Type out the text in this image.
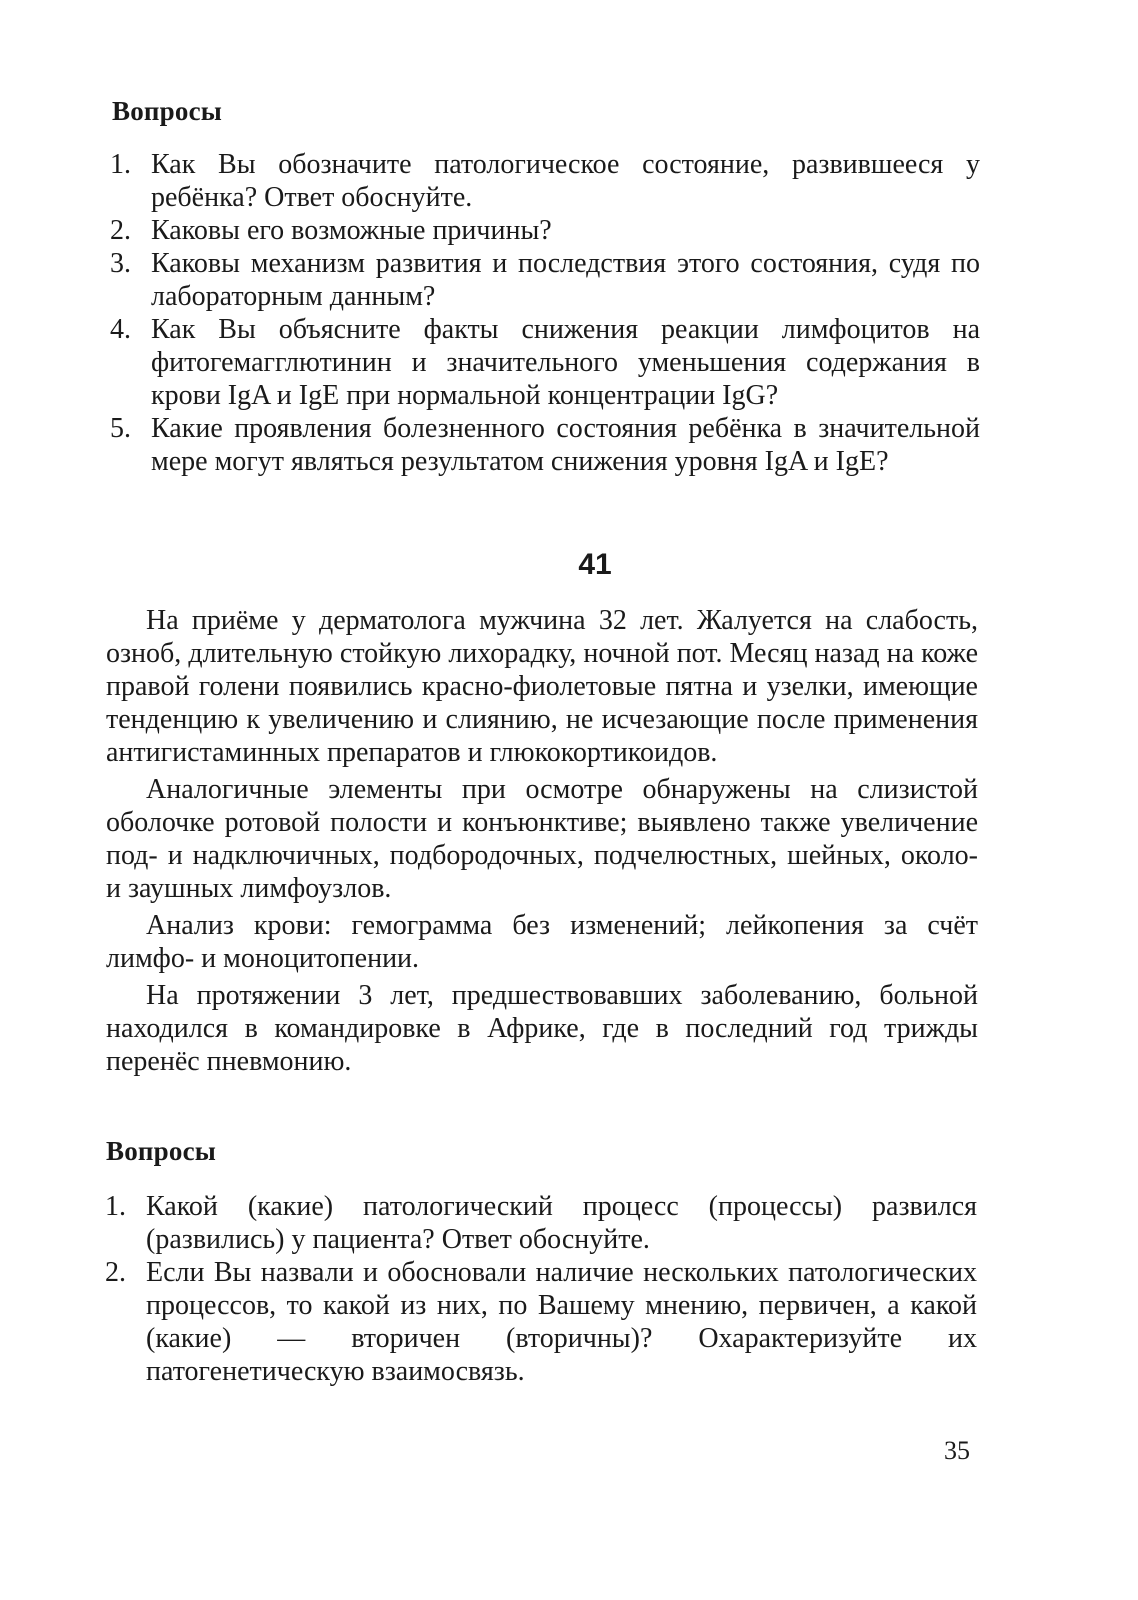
Вопросы
1. Как Вы обозначите патологическое состояние, развившееся у ребёнка? Ответ обоснуйте.
2. Каковы его возможные причины?
3. Каковы механизм развития и последствия этого состояния, судя по лабораторным данным?
4. Как Вы объясните факты снижения реакции лимфоцитов на фитогемагглютинин и значительного уменьшения содержания в крови IgA и IgE при нормальной концентрации IgG?
5. Какие проявления болезненного состояния ребёнка в значительной мере могут являться результатом снижения уровня IgA и IgE?
41

На приёме у дерматолога мужчина 32 лет. Жалуется на слабость, озноб, длительную стойкую лихорадку, ночной пот. Месяц назад на коже правой голени появились красно-фиолетовые пятна и узелки, имеющие тенденцию к увеличению и слиянию, не исчезающие после применения антигистаминных препаратов и глюкокортикоидов.

Аналогичные элементы при осмотре обнаружены на слизистой оболочке ротовой полости и конъюнктиве; выявлено также увеличение под- и надключичных, подбородочных, подчелюстных, шейных, около- и заушных лимфоузлов.

Анализ крови: гемограмма без изменений; лейкопения за счёт лимфо- и моноцитопении.

На протяжении 3 лет, предшествовавших заболеванию, больной находился в командировке в Африке, где в последний год трижды перенёс пневмонию.

Вопросы
1. Какой (какие) патологический процесс (процессы) развился (развились) у пациента? Ответ обоснуйте.
2. Если Вы назвали и обосновали наличие нескольких патологических процессов, то какой из них, по Вашему мнению, первичен, а какой (какие) — вторичен (вторичны)? Охарактеризуйте их патогенетическую взаимосвязь.
35
